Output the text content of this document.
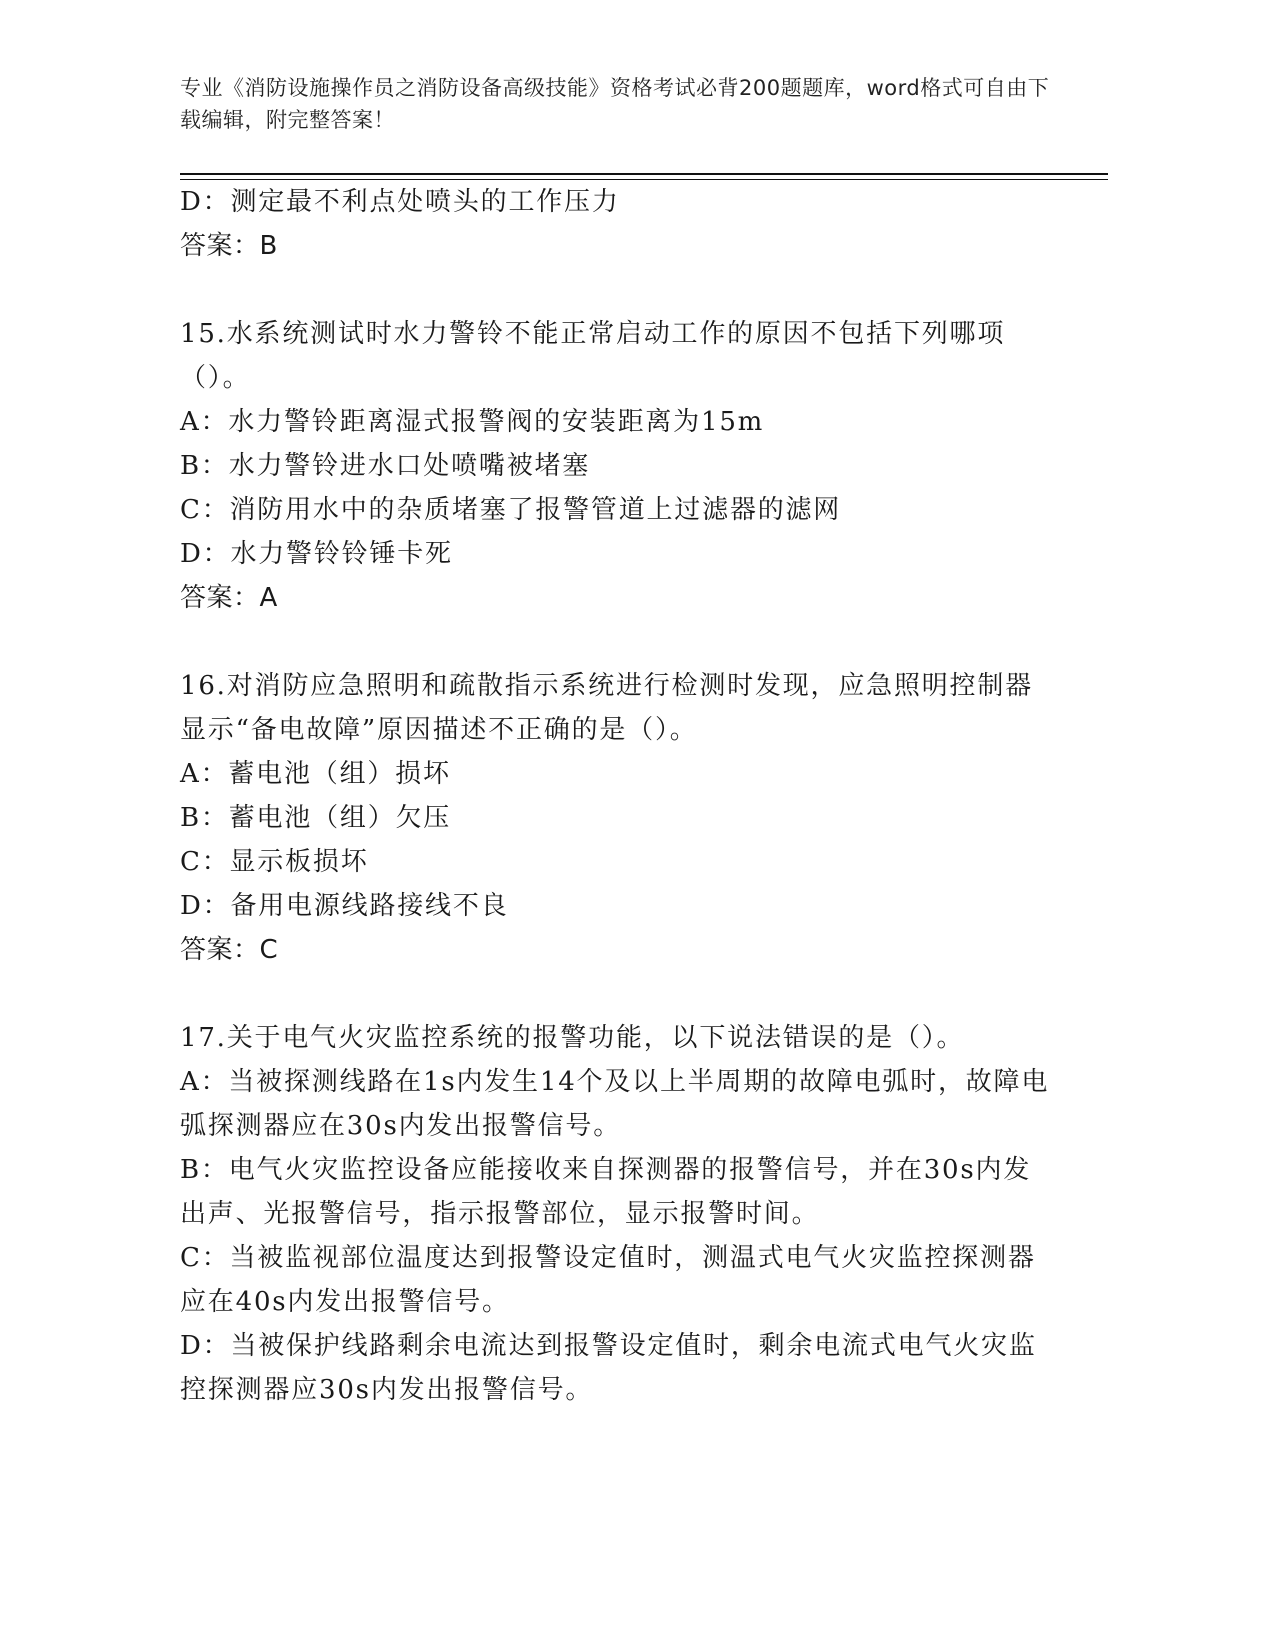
专业《消防设施操作员之消防设备高级技能》资格考试必背200题题库，word格式可自由下载编辑，附完整答案！
D：测定最不利点处喷头的工作压力
答案：B
15.水系统测试时水力警铃不能正常启动工作的原因不包括下列哪项（）。
A：水力警铃距离湿式报警阀的安装距离为15m
B：水力警铃进水口处喷嘴被堵塞
C：消防用水中的杂质堵塞了报警管道上过滤器的滤网
D：水力警铃铃锤卡死
答案：A
16.对消防应急照明和疏散指示系统进行检测时发现，应急照明控制器显示“备电故障”原因描述不正确的是（）。
A：蓄电池（组）损坏
B：蓄电池（组）欠压
C：显示板损坏
D：备用电源线路接线不良
答案：C
17.关于电气火灾监控系统的报警功能，以下说法错误的是（）。
A：当被探测线路在1s内发生14个及以上半周期的故障电弧时，故障电弧探测器应在30s内发出报警信号。
B：电气火灾监控设备应能接收来自探测器的报警信号，并在30s内发出声、光报警信号，指示报警部位，显示报警时间。
C：当被监视部位温度达到报警设定值时，测温式电气火灾监控探测器应在40s内发出报警信号。
D：当被保护线路剩余电流达到报警设定值时，剩余电流式电气火灾监控探测器应30s内发出报警信号。
